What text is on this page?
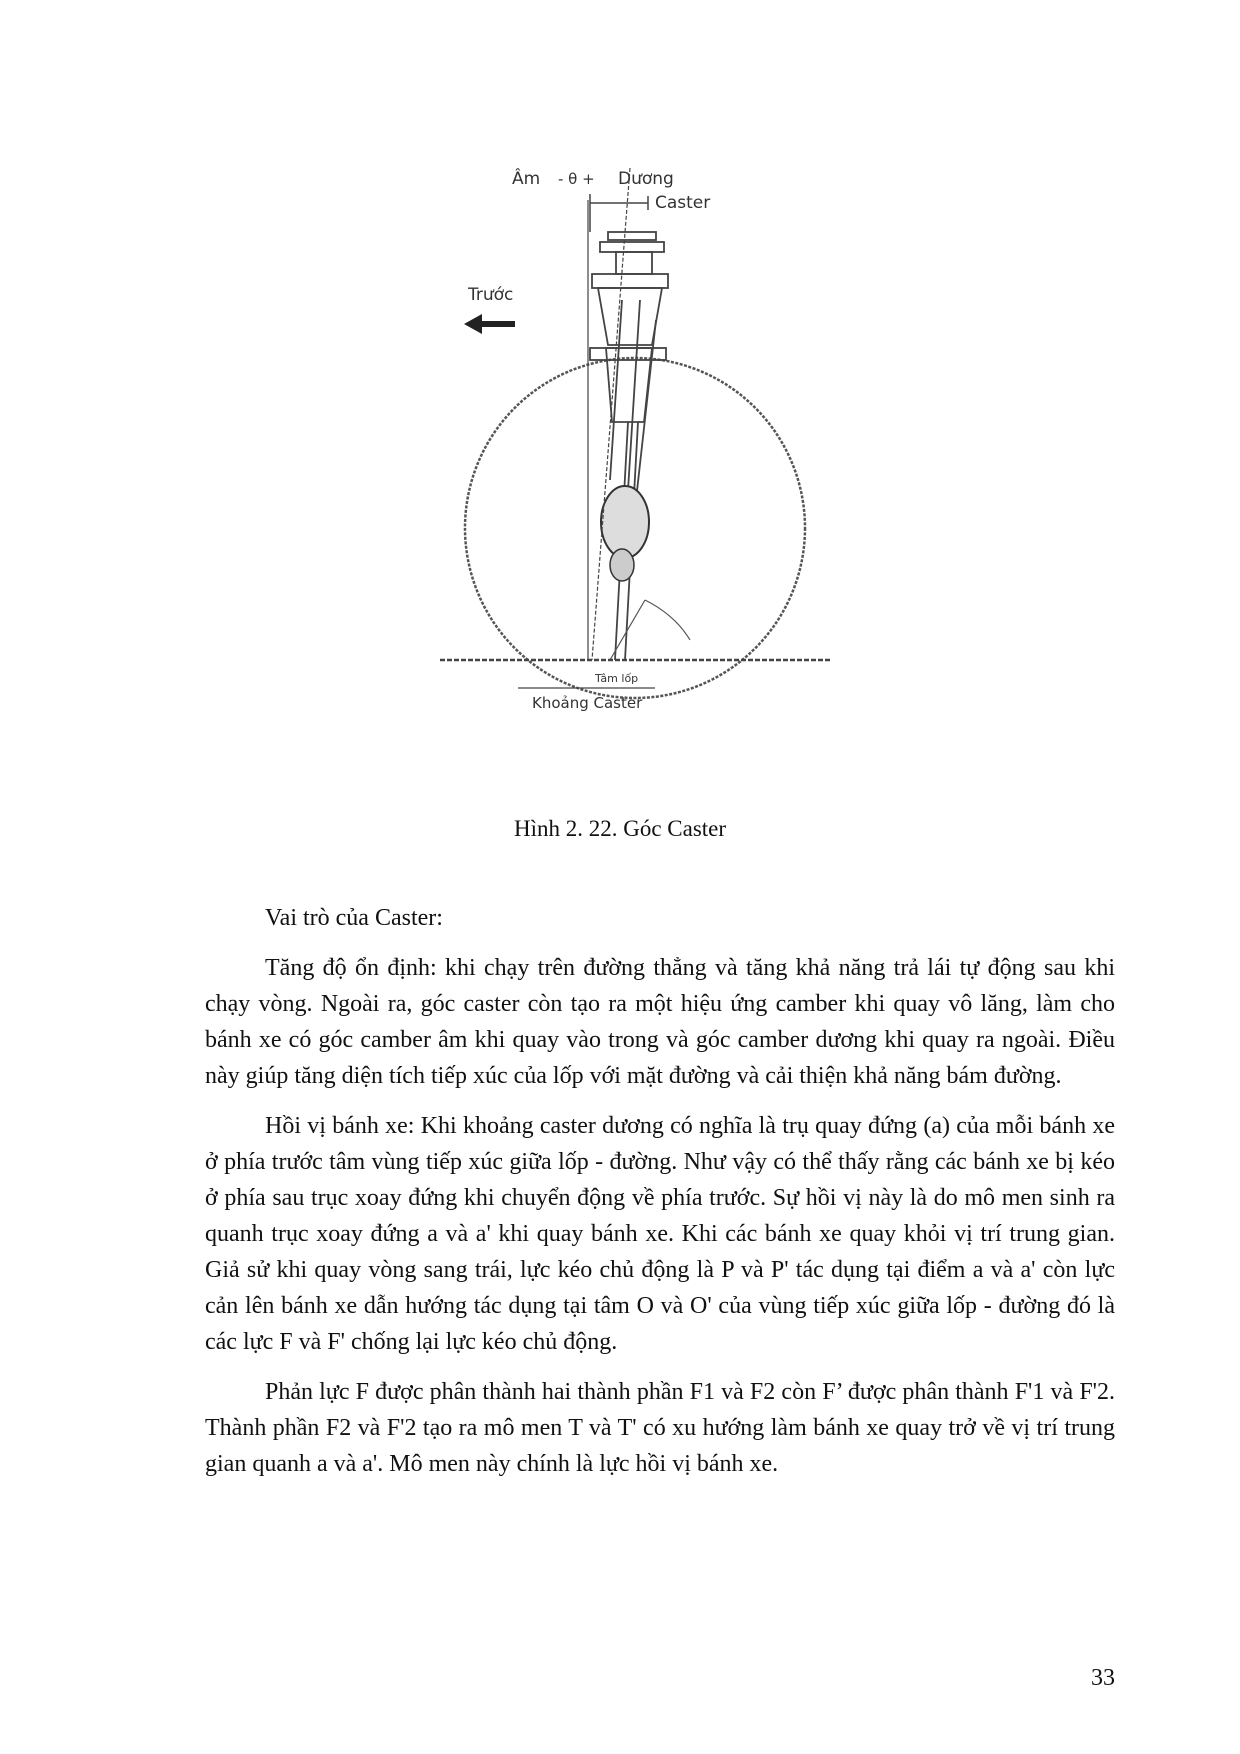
Âm - θ + Dương
Caster
Trước
Tâm lốp
Khoảng Caster
Hình 2. 22. Góc Caster

Vai trò của Caster:

Tăng độ ổn định: khi chạy trên đường thẳng và tăng khả năng trả lái tự động sau khi chạy vòng. Ngoài ra, góc caster còn tạo ra một hiệu ứng camber khi quay vô lăng, làm cho bánh xe có góc camber âm khi quay vào trong và góc camber dương khi quay ra ngoài. Điều này giúp tăng diện tích tiếp xúc của lốp với mặt đường và cải thiện khả năng bám đường.

Hồi vị bánh xe: Khi khoảng caster dương có nghĩa là trụ quay đứng (a) của mỗi bánh xe ở phía trước tâm vùng tiếp xúc giữa lốp - đường. Như vậy có thể thấy rằng các bánh xe bị kéo ở phía sau trục xoay đứng khi chuyển động về phía trước. Sự hồi vị này là do mô men sinh ra quanh trục xoay đứng a và a' khi quay bánh xe. Khi các bánh xe quay khỏi vị trí trung gian. Giả sử khi quay vòng sang trái, lực kéo chủ động là P và P' tác dụng tại điểm a và a' còn lực cản lên bánh xe dẫn hướng tác dụng tại tâm O và O' của vùng tiếp xúc giữa lốp - đường đó là các lực F và F' chống lại lực kéo chủ động.

Phản lực F được phân thành hai thành phần F1 và F2 còn F’ được phân thành F'1 và F'2. Thành phần F2 và F'2 tạo ra mô men T và T' có xu hướng làm bánh xe quay trở về vị trí trung gian quanh a và a'. Mô men này chính là lực hồi vị bánh xe.

33
